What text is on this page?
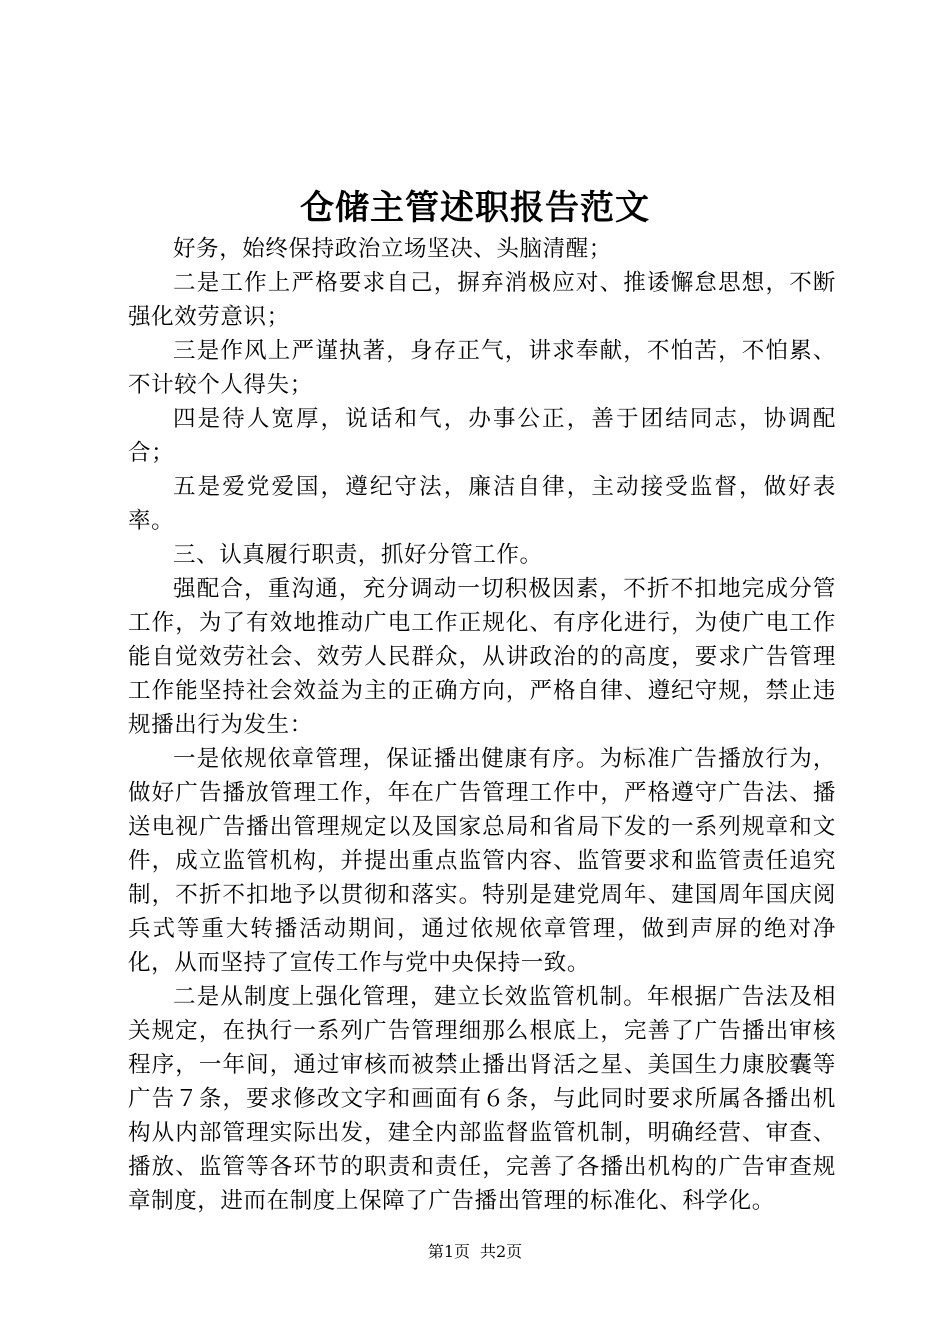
仓储主管述职报告范文

好务，始终保持政治立场坚决、头脑清醒；

二是工作上严格要求自己，摒弃消极应对、推诿懈怠思想，不断强化效劳意识；

三是作风上严谨执著，身存正气，讲求奉献，不怕苦，不怕累、不计较个人得失；

四是待人宽厚，说话和气，办事公正，善于团结同志，协调配合；

五是爱党爱国，遵纪守法，廉洁自律，主动接受监督，做好表率。

三、认真履行职责，抓好分管工作。

强配合，重沟通，充分调动一切积极因素，不折不扣地完成分管工作，为了有效地推动广电工作正规化、有序化进行，为使广电工作能自觉效劳社会、效劳人民群众，从讲政治的的高度，要求广告管理工作能坚持社会效益为主的正确方向，严格自律、遵纪守规，禁止违规播出行为发生：

一是依规依章管理，保证播出健康有序。为标准广告播放行为，做好广告播放管理工作，年在广告管理工作中，严格遵守广告法、播送电视广告播出管理规定以及国家总局和省局下发的一系列规章和文件，成立监管机构，并提出重点监管内容、监管要求和监管责任追究制，不折不扣地予以贯彻和落实。特别是建党周年、建国周年国庆阅兵式等重大转播活动期间，通过依规依章管理，做到声屏的绝对净化，从而坚持了宣传工作与党中央保持一致。

二是从制度上强化管理，建立长效监管机制。年根据广告法及相关规定，在执行一系列广告管理细那么根底上，完善了广告播出审核程序，一年间，通过审核而被禁止播出肾活之星、美国生力康胶囊等广告７条，要求修改文字和画面有６条，与此同时要求所属各播出机构从内部管理实际出发，建全内部监督监管机制，明确经营、审查、播放、监管等各环节的职责和责任，完善了各播出机构的广告审查规章制度，进而在制度上保障了广告播出管理的标准化、科学化。

第1页 共2页
